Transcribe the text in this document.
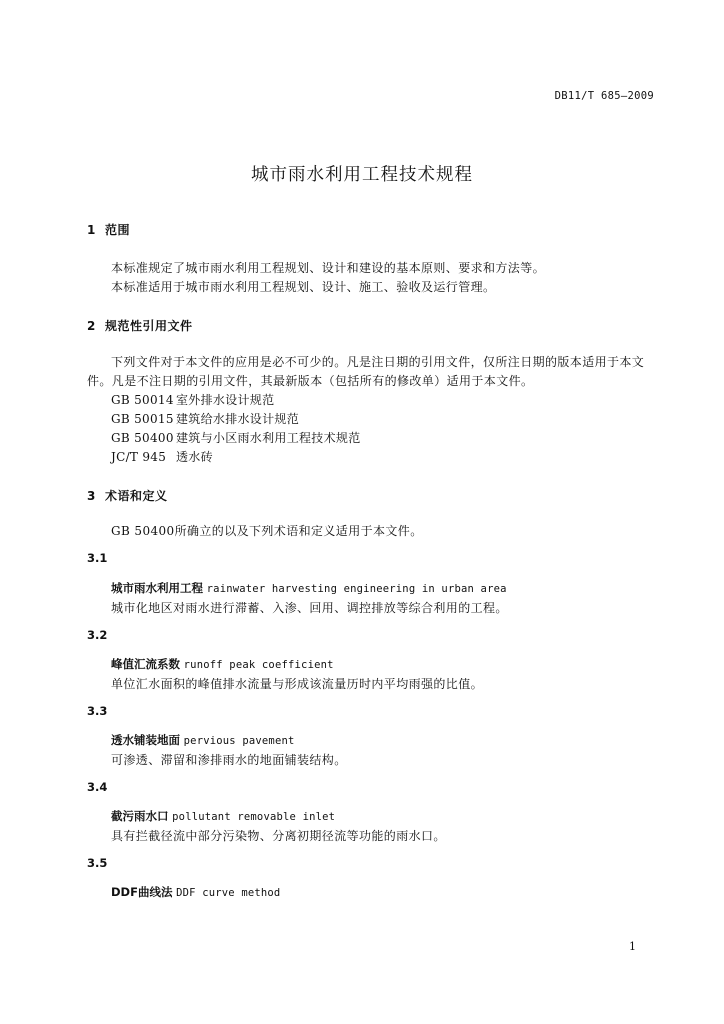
DB11/T 685—2009
城市雨水利用工程技术规程
1 范围
本标准规定了城市雨水利用工程规划、设计和建设的基本原则、要求和方法等。
本标准适用于城市雨水利用工程规划、设计、施工、验收及运行管理。
2 规范性引用文件
下列文件对于本文件的应用是必不可少的。凡是注日期的引用文件，仅所注日期的版本适用于本文
件。凡是不注日期的引用文件，其最新版本（包括所有的修改单）适用于本文件。
GB 50014 室外排水设计规范
GB 50015 建筑给水排水设计规范
GB 50400 建筑与小区雨水利用工程技术规范
JC/T 945 透水砖
3 术语和定义
GB 50400所确立的以及下列术语和定义适用于本文件。
3.1
城市雨水利用工程 rainwater harvesting engineering in urban area
城市化地区对雨水进行滞蓄、入渗、回用、调控排放等综合利用的工程。
3.2
峰值汇流系数 runoff peak coefficient
单位汇水面积的峰值排水流量与形成该流量历时内平均雨强的比值。
3.3
透水铺装地面 pervious pavement
可渗透、滞留和渗排雨水的地面铺装结构。
3.4
截污雨水口 pollutant removable inlet
具有拦截径流中部分污染物、分离初期径流等功能的雨水口。
3.5
DDF曲线法 DDF curve method
1
